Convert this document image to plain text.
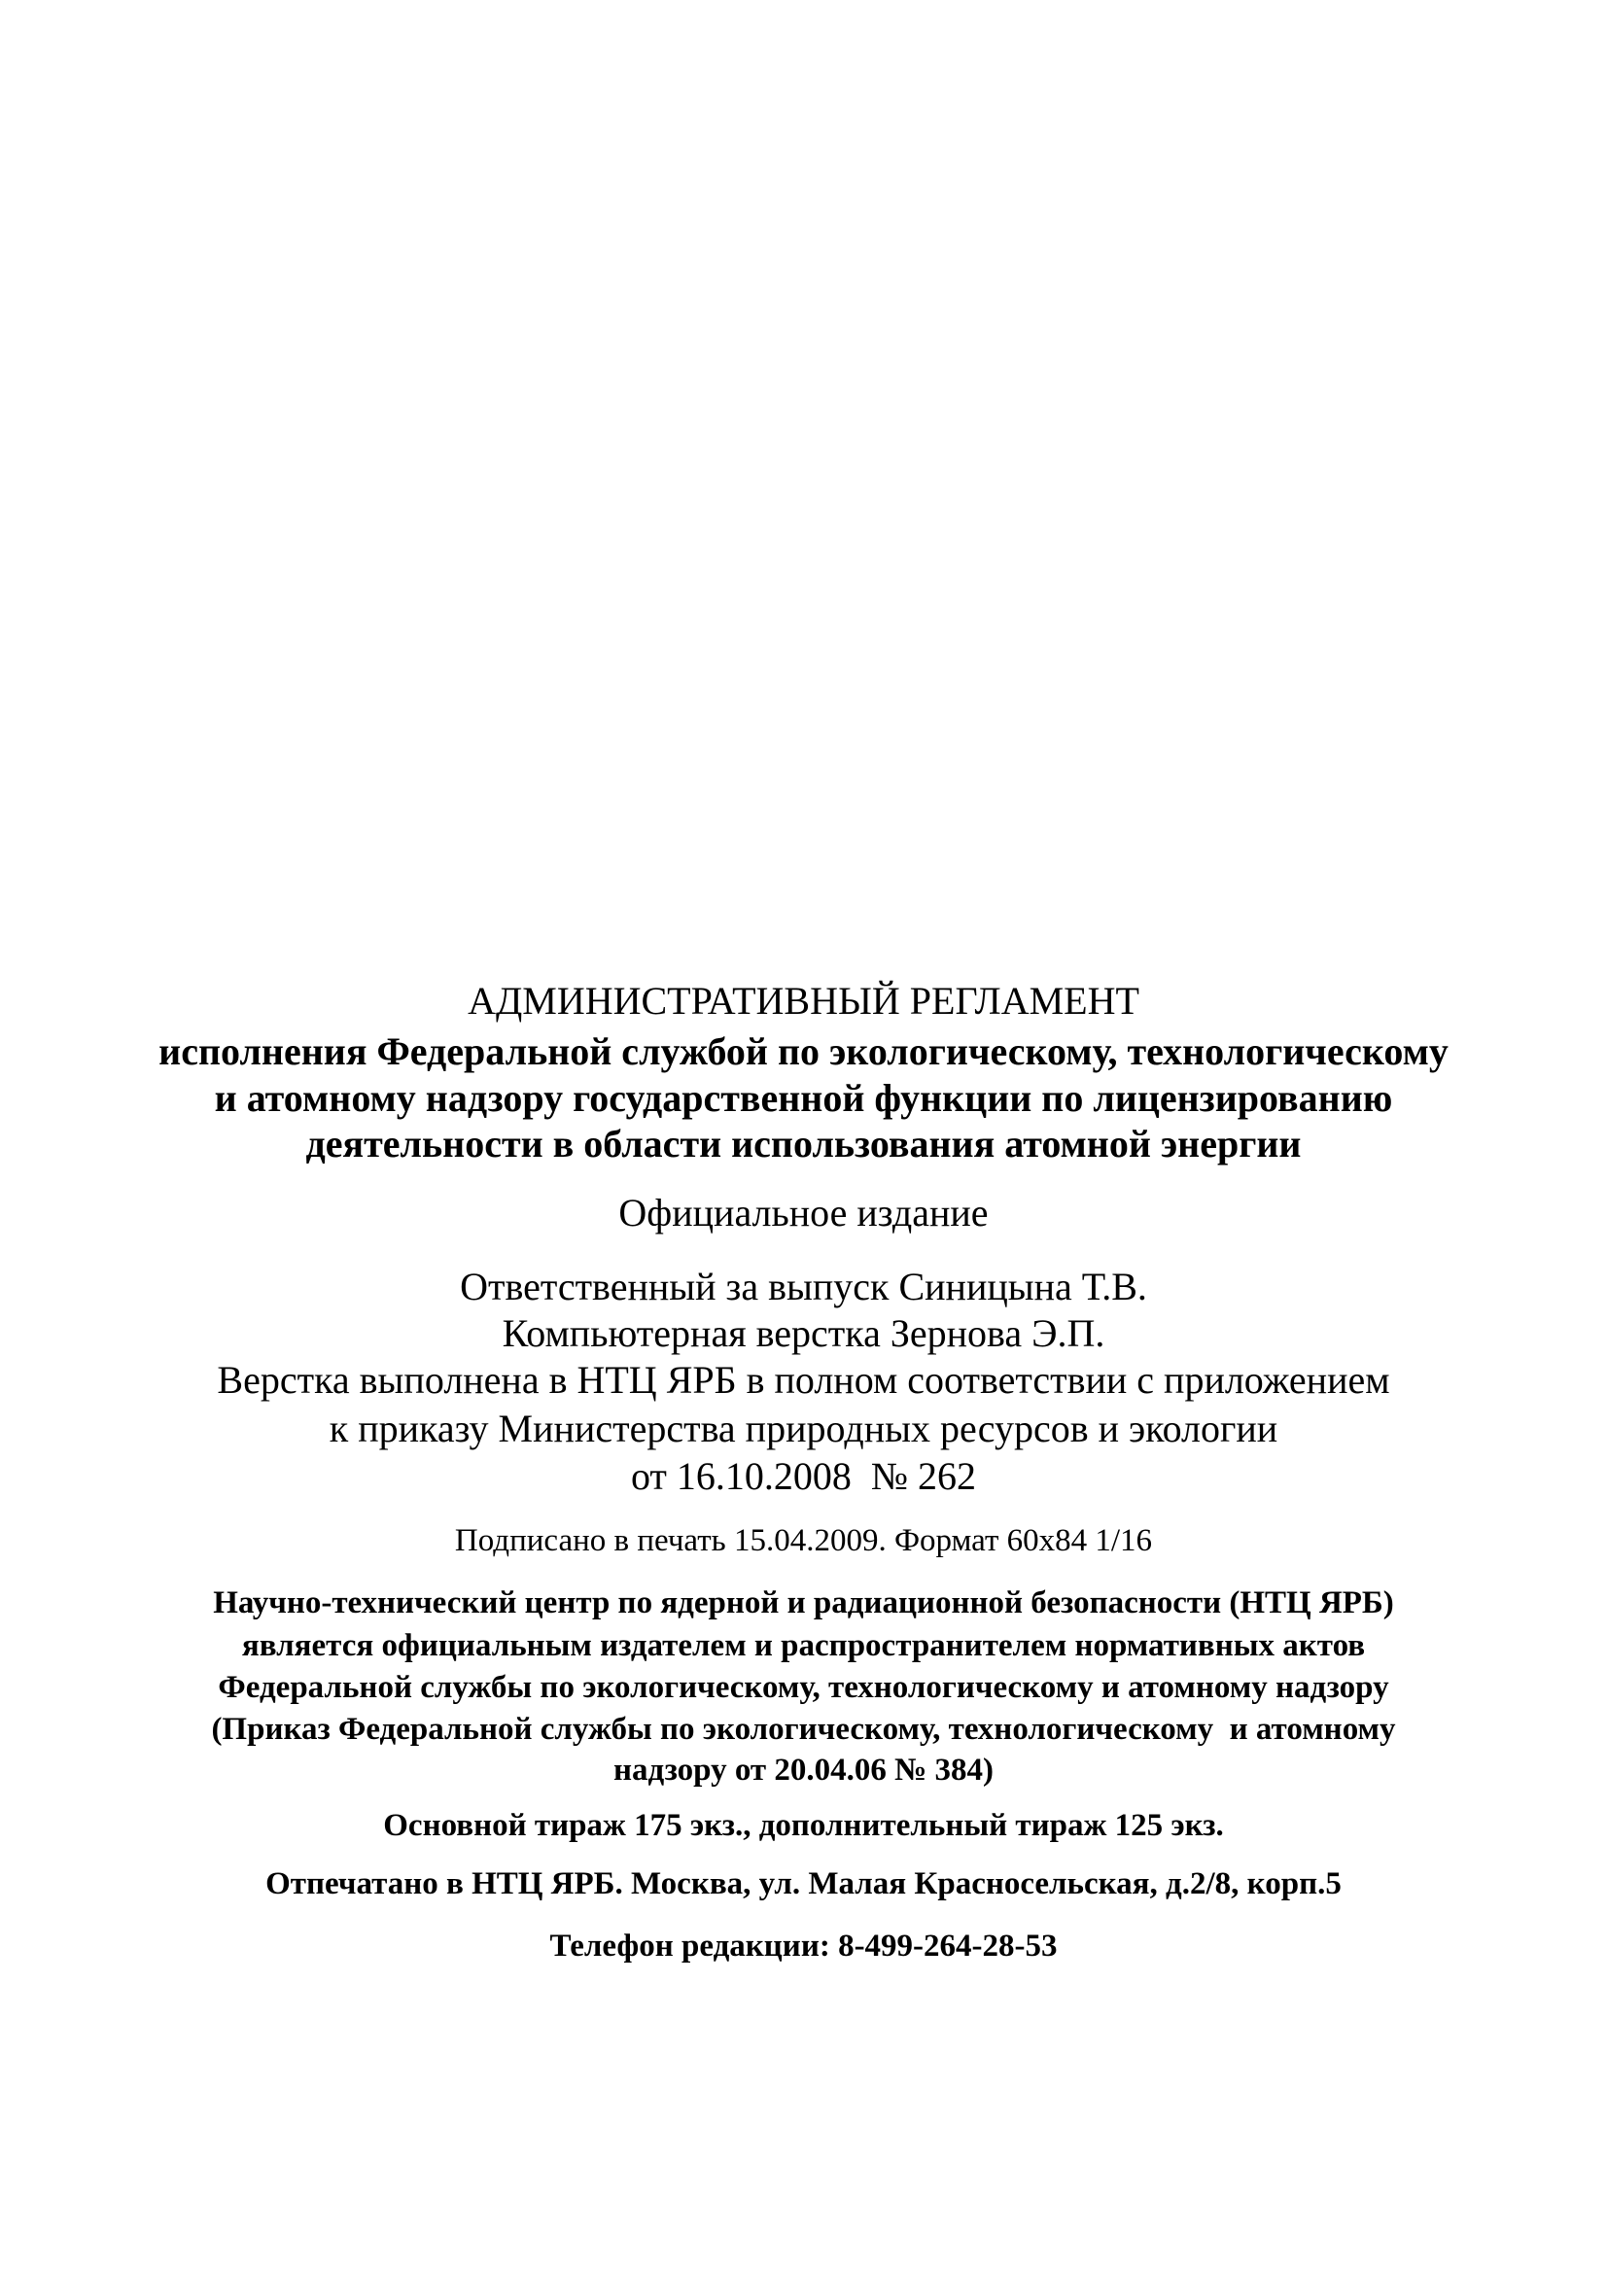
АДМИНИСТРАТИВНЫЙ РЕГЛАМЕНТ
исполнения Федеральной службой по экологическому, технологическому
и атомному надзору государственной функции по лицензированию
деятельности в области использования атомной энергии
Официальное издание
Ответственный за выпуск Синицына Т.В.
Компьютерная верстка Зернова Э.П.
Верстка выполнена в НТЦ ЯРБ в полном соответствии с приложением
к приказу Министерства природных ресурсов и экологии
от 16.10.2008  № 262
Подписано в печать 15.04.2009. Формат 60x84 1/16
Научно-технический центр по ядерной и радиационной безопасности (НТЦ ЯРБ)
является официальным издателем и распространителем нормативных актов
Федеральной службы по экологическому, технологическому и атомному надзору
(Приказ Федеральной службы по экологическому, технологическому  и атомному
надзору от 20.04.06 № 384)
Основной тираж 175 экз., дополнительный тираж 125 экз.
Отпечатано в НТЦ ЯРБ. Москва, ул. Малая Красносельская, д.2/8, корп.5
Телефон редакции: 8-499-264-28-53
